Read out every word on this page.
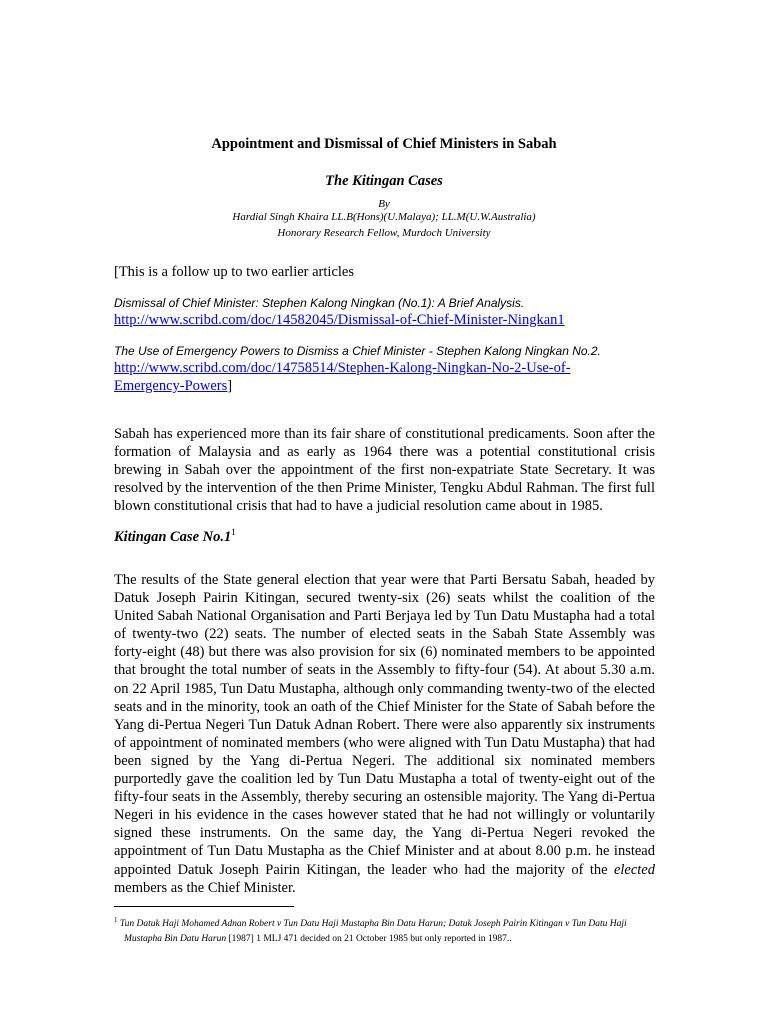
Appointment and Dismissal of Chief Ministers in Sabah
The Kitingan Cases
By
Hardial Singh Khaira LL.B(Hons)(U.Malaya); LL.M(U.W.Australia)
Honorary Research Fellow, Murdoch University
[This is a follow up to two earlier articles
Dismissal of Chief Minister: Stephen Kalong Ningkan (No.1): A Brief Analysis.
http://www.scribd.com/doc/14582045/Dismissal-of-Chief-Minister-Ningkan1
The Use of Emergency Powers to Dismiss a Chief Minister - Stephen Kalong Ningkan No.2.
http://www.scribd.com/doc/14758514/Stephen-Kalong-Ningkan-No-2-Use-of-Emergency-Powers]

Sabah has experienced more than its fair share of constitutional predicaments. Soon after the formation of Malaysia and as early as 1964 there was a potential constitutional crisis brewing in Sabah over the appointment of the first non-expatriate State Secretary. It was resolved by the intervention of the then Prime Minister, Tengku Abdul Rahman. The first full blown constitutional crisis that had to have a judicial resolution came about in 1985.

Kitingan Case $No.1^1$

The results of the State general election that year were that Parti Bersatu Sabah, headed by Datuk Joseph Pairin Kitingan, secured twenty-six (26) seats whilst the coalition of the United Sabah National Organisation and Parti Berjaya led by Tun Datu Mustapha had a total of twenty-two (22) seats. The number of elected seats in the Sabah State Assembly was forty-eight (48) but there was also provision for six (6) nominated members to be appointed that brought the total number of seats in the Assembly to fifty-four (54). At about 5.30 a.m. on 22 April 1985, Tun Datu Mustapha, although only commanding twenty-two of the elected seats and in the minority, took an oath of the Chief Minister for the State of Sabah before the Yang di-Pertua Negeri Tun Datuk Adnan Robert. There were also apparently six instruments of appointment of nominated members (who were aligned with Tun Datu Mustapha) that had been signed by the Yang di-Pertua Negeri. The additional six nominated members purportedly gave the coalition led by Tun Datu Mustapha a total of twenty-eight out of the fifty-four seats in the Assembly, thereby securing an ostensible majority. The Yang di-Pertua Negeri in his evidence in the cases however stated that he had not willingly or voluntarily signed these instruments. On the same day, the Yang di-Pertua Negeri revoked the appointment of Tun Datu Mustapha as the Chief Minister and at about 8.00 p.m. he instead appointed Datuk Joseph Pairin Kitingan, the leader who had the majority of the elected members as the Chief Minister.

$^1$ Tun Datuk Haji Mohamed Adnan Robert v Tun Datu Haji Mustapha Bin Datu Harun; Datuk Joseph Pairin Kitingan v Tun Datu Haji
Mustapha Bin Datu Harun [1987] 1 MLJ 471 decided on 21 October 1985 but only reported in 1987..
